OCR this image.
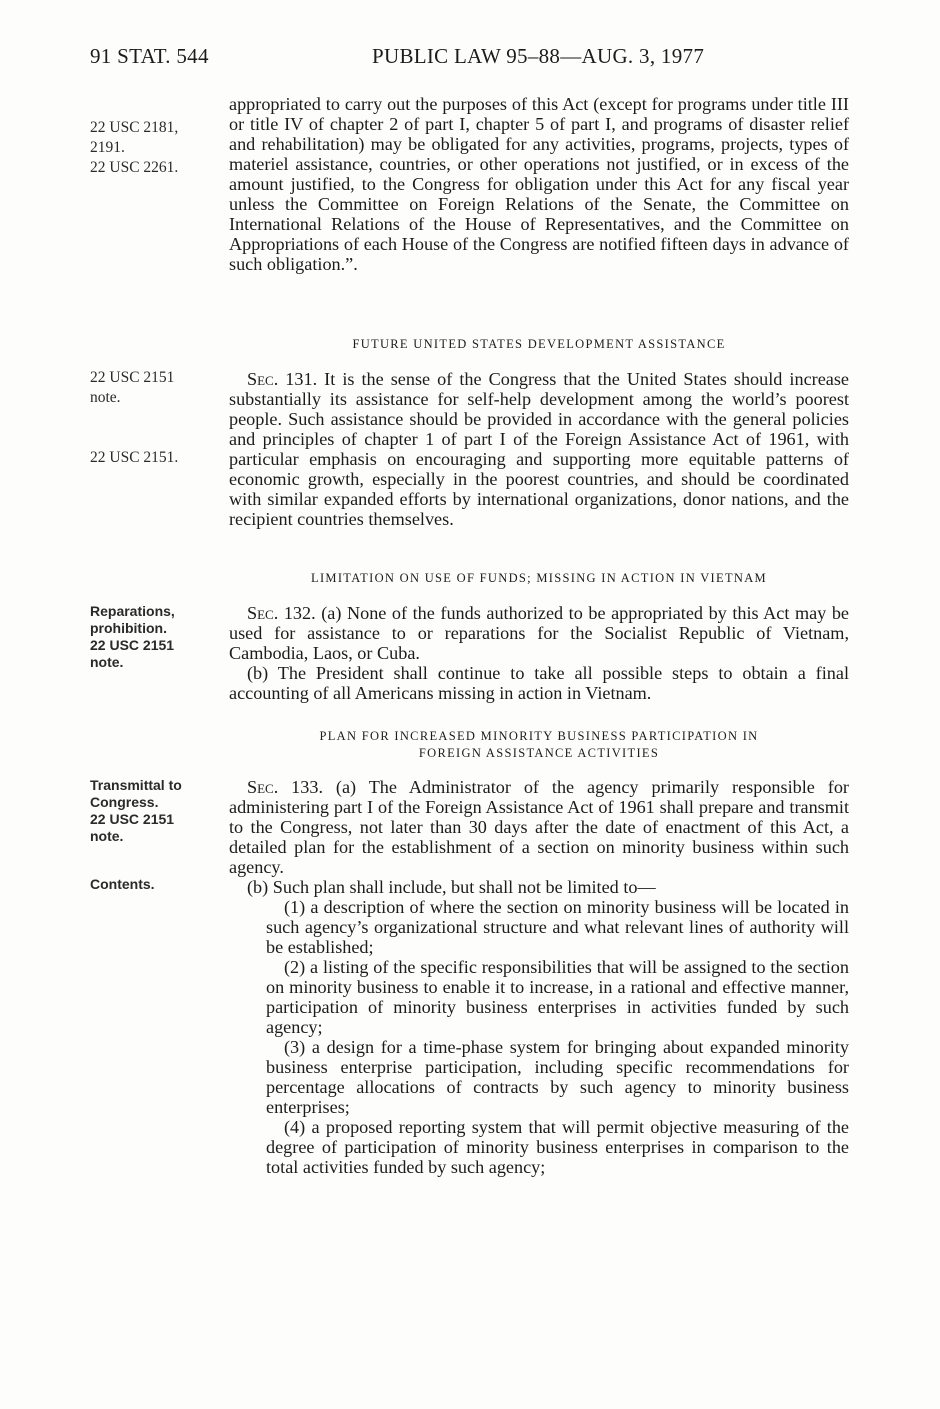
91 STAT. 544	PUBLIC LAW 95–88—AUG. 3, 1977
22 USC 2181,
2191.
22 USC 2261.
22 USC 2151
note.
22 USC 2151.
Reparations,
prohibition.
22 USC 2151
note.
Transmittal to
Congress.
22 USC 2151
note.
Contents.

appropriated to carry out the purposes of this Act (except for programs under title III or title IV of chapter 2 of part I, chapter 5 of part I, and programs of disaster relief and rehabilitation) may be obligated for any activities, programs, projects, types of materiel assistance, countries, or other operations not justified, or in excess of the amount justified, to the Congress for obligation under this Act for any fiscal year unless the Committee on Foreign Relations of the Senate, the Committee on International Relations of the House of Representatives, and the Committee on Appropriations of each House of the Congress are notified fifteen days in advance of such obligation.”.

FUTURE UNITED STATES DEVELOPMENT ASSISTANCE

Sec. 131. It is the sense of the Congress that the United States should increase substantially its assistance for self-help development among the world’s poorest people. Such assistance should be provided in accordance with the general policies and principles of chapter 1 of part I of the Foreign Assistance Act of 1961, with particular emphasis on encouraging and supporting more equitable patterns of economic growth, especially in the poorest countries, and should be coordinated with similar expanded efforts by international organizations, donor nations, and the recipient countries themselves.

LIMITATION ON USE OF FUNDS; MISSING IN ACTION IN VIETNAM

Sec. 132. (a) None of the funds authorized to be appropriated by this Act may be used for assistance to or reparations for the Socialist Republic of Vietnam, Cambodia, Laos, or Cuba.

(b) The President shall continue to take all possible steps to obtain a final accounting of all Americans missing in action in Vietnam.

PLAN FOR INCREASED MINORITY BUSINESS PARTICIPATION IN
FOREIGN ASSISTANCE ACTIVITIES

Sec. 133. (a) The Administrator of the agency primarily responsible for administering part I of the Foreign Assistance Act of 1961 shall prepare and transmit to the Congress, not later than 30 days after the date of enactment of this Act, a detailed plan for the establishment of a section on minority business within such agency.

(b) Such plan shall include, but shall not be limited to—

(1) a description of where the section on minority business will be located in such agency’s organizational structure and what relevant lines of authority will be established;

(2) a listing of the specific responsibilities that will be assigned to the section on minority business to enable it to increase, in a rational and effective manner, participation of minority business enterprises in activities funded by such agency;

(3) a design for a time-phase system for bringing about expanded minority business enterprise participation, including specific recommendations for percentage allocations of contracts by such agency to minority business enterprises;

(4) a proposed reporting system that will permit objective measuring of the degree of participation of minority business enterprises in comparison to the total activities funded by such agency;
